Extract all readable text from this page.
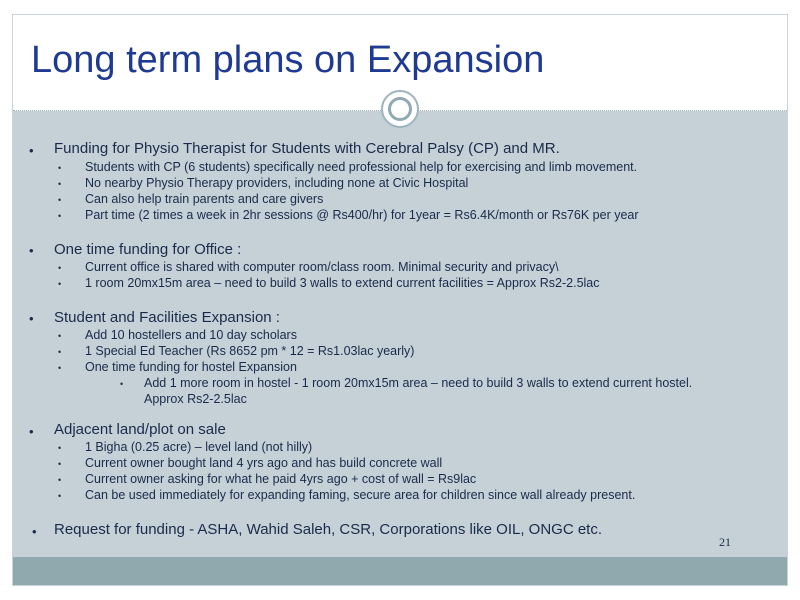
Long term plans on Expansion
21
• Funding for Physio Therapist for Students with Cerebral Palsy (CP) and MR.
• Students with CP (6 students) specifically need professional help for exercising and limb movement.
• No nearby Physio Therapy providers, including none at Civic Hospital
• Can also help train parents and care givers
• Part time (2 times a week in 2hr sessions @ Rs400/hr) for 1year = Rs6.4K/month or Rs76K per year
• One time funding for Office :
• Current office is shared with computer room/class room. Minimal security and privacy\
• 1 room 20mx15m area – need to build 3 walls to extend current facilities = Approx Rs2-2.5lac
• Student and Facilities Expansion :
• Add 10 hostellers and 10 day scholars
• 1 Special Ed Teacher (Rs 8652 pm * 12 = Rs1.03lac yearly)
• One time funding for hostel Expansion
• Add 1 more room in hostel - 1 room 20mx15m area – need to build 3 walls to extend current hostel.
Approx Rs2-2.5lac
• Adjacent land/plot on sale
• 1 Bigha (0.25 acre) – level land (not hilly)
• Current owner bought land 4 yrs ago and has build concrete wall
• Current owner asking for what he paid 4yrs ago + cost of wall = Rs9lac
• Can be used immediately for expanding faming, secure area for children since wall already present.
• Request for funding - ASHA, Wahid Saleh, CSR, Corporations like OIL, ONGC etc.
